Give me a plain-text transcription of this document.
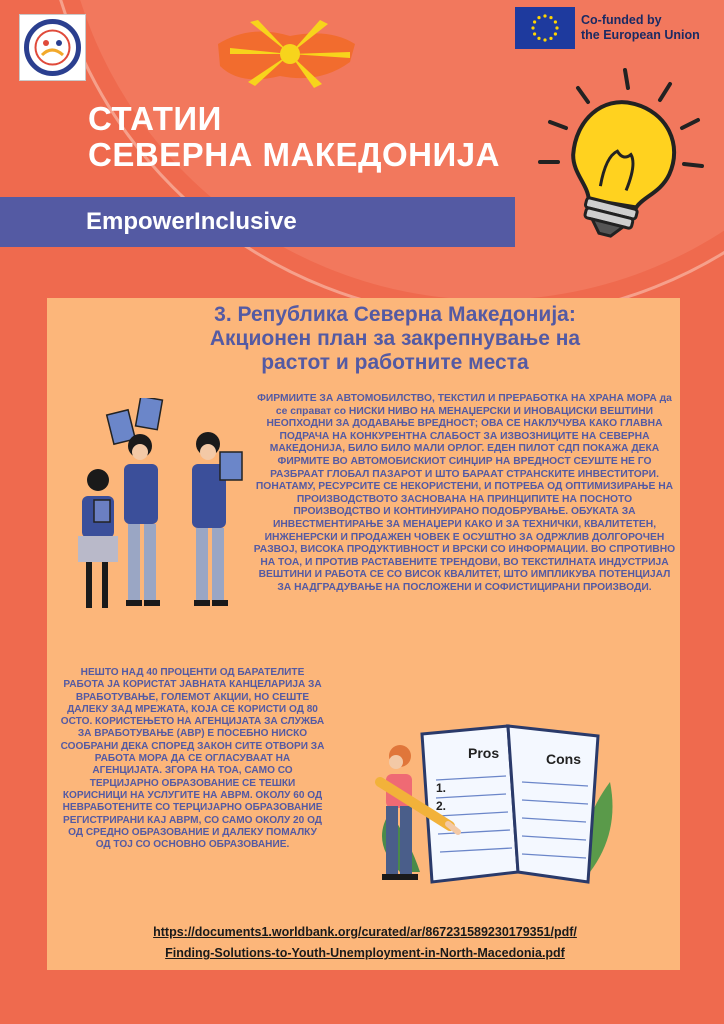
Co-funded by
the European Union
СТАТИИ
СЕВЕРНА МАКЕДОНИЈА
EmpowerInclusive
3. Република Северна Македонија:
Акционен план за закрепнување на
растот и работните места

ФИРМИИТЕ ЗА АВТОМОБИЛСТВО, ТЕКСТИЛ И ПРЕРАБОТКА НА ХРАНА МОРА да се справат со НИСКИ НИВО НА МЕНАЏЕРСКИ И ИНОВАЦИСКИ ВЕШТИНИ НЕОПХОДНИ ЗА ДОДАВАЊЕ ВРЕДНОСТ; ОВА СЕ НАКЛУЧУВА КАКО ГЛАВНА ПОДРАЧА НА КОНКУРЕНТНА СЛАБОСТ ЗА ИЗВОЗНИЦИТЕ НА СЕВЕРНА МАКЕДОНИЈА, БИЛО БИЛО МАЛИ ОРЛОГ. ЕДЕН ПИЛОТ СДП ПОКАЖА ДЕКА ФИРМИТЕ ВО АВТОМОБИСКИОТ СИНЏИР НА ВРЕДНОСТ СЕУШТЕ НЕ ГО РАЗБРААТ ГЛОБАЛ ПАЗАРОТ И ШТО БАРААТ СТРАНСКИТЕ ИНВЕСТИТОРИ. ПОНАТАМУ, РЕСУРСИТЕ СЕ НЕКОРИСТЕНИ, И ПОТРЕБА ОД ОПТИМИЗИРАЊЕ НА ПРОИЗВОДСТВОТО ЗАСНОВАНА НА ПРИНЦИПИТЕ НА ПОСНОТО ПРОИЗВОДСТВО И КОНТИНУИРАНО ПОДОБРУВАЊЕ. ОБУКАТА ЗА ИНВЕСТМЕНТИРАЊЕ ЗА МЕНАЏЕРИ КАКО И ЗА ТЕХНИЧКИ, КВАЛИТЕТЕН, ИНЖЕНЕРСКИ И ПРОДАЖЕН ЧОВЕК Е ОСУШТНО ЗА ОДРЖЛИВ ДОЛГОРОЧЕН РАЗВОЈ, ВИСОКА ПРОДУКТИВНОСТ И ВРСКИ СО ИНФОРМАЦИИ. ВО СПРОТИВНО НА ТОА, И ПРОТИВ РАСТАВЕНИТЕ ТРЕНДОВИ, ВО ТЕКСТИЛНАТА ИНДУСТРИЈА ВЕШТИНИ И РАБОТА СЕ СО ВИСОК КВАЛИТЕТ, ШТО ИМПЛИКУВА ПОТЕНЦИЈАЛ ЗА НАДГРАДУВАЊЕ НА ПОСЛОЖЕНИ И СОФИСТИЦИРАНИ ПРОИЗВОДИ.

НЕШТО НАД 40 ПРОЦЕНТИ ОД БАРАТЕЛИТЕ РАБОТА ЈА КОРИСТАТ ЈАВНАТА КАНЦЕЛАРИЈА ЗА ВРАБОТУВАЊЕ, ГОЛЕМОТ АКЦИИ, НО СЕШТЕ ДАЛЕКУ ЗАД МРЕЖАТА, КОЈА СЕ КОРИСТИ ОД 80 ОСТО. КОРИСТЕЊЕТО НА АГЕНЦИЈАТА ЗА СЛУЖБА ЗА ВРАБОТУВАЊЕ (АВР) Е ПОСЕБНО НИСКО СООБРАНИ ДЕКА СПОРЕД ЗАКОН СИТЕ ОТВОРИ ЗА РАБОТА МОРА ДА СЕ ОГЛАСУВААТ НА АГЕНЦИЈАТА. ЗГОРА НА ТОА, САМО СО ТЕРЦИЈАРНО ОБРАЗОВАНИЕ СЕ ТЕШКИ КОРИСНИЦИ НА УСЛУГИТЕ НА АВРМ. ОКОЛУ 60 ОД НЕВРАБОТЕНИТЕ СО ТЕРЦИЈАРНО ОБРАЗОВАНИЕ РЕГИСТРИРАНИ КАЈ АВРМ, СО САМО ОКОЛУ 20 ОД ОД СРЕДНО ОБРАЗОВАНИЕ И ДАЛЕКУ ПОМАЛКУ ОД ТОЈ СО ОСНОВНО ОБРАЗОВАНИЕ.

Pros	Cons
1.
2.
https://documents1.worldbank.org/curated/ar/867231589230179351/pdf/
Finding-Solutions-to-Youth-Unemployment-in-North-Macedonia.pdf
